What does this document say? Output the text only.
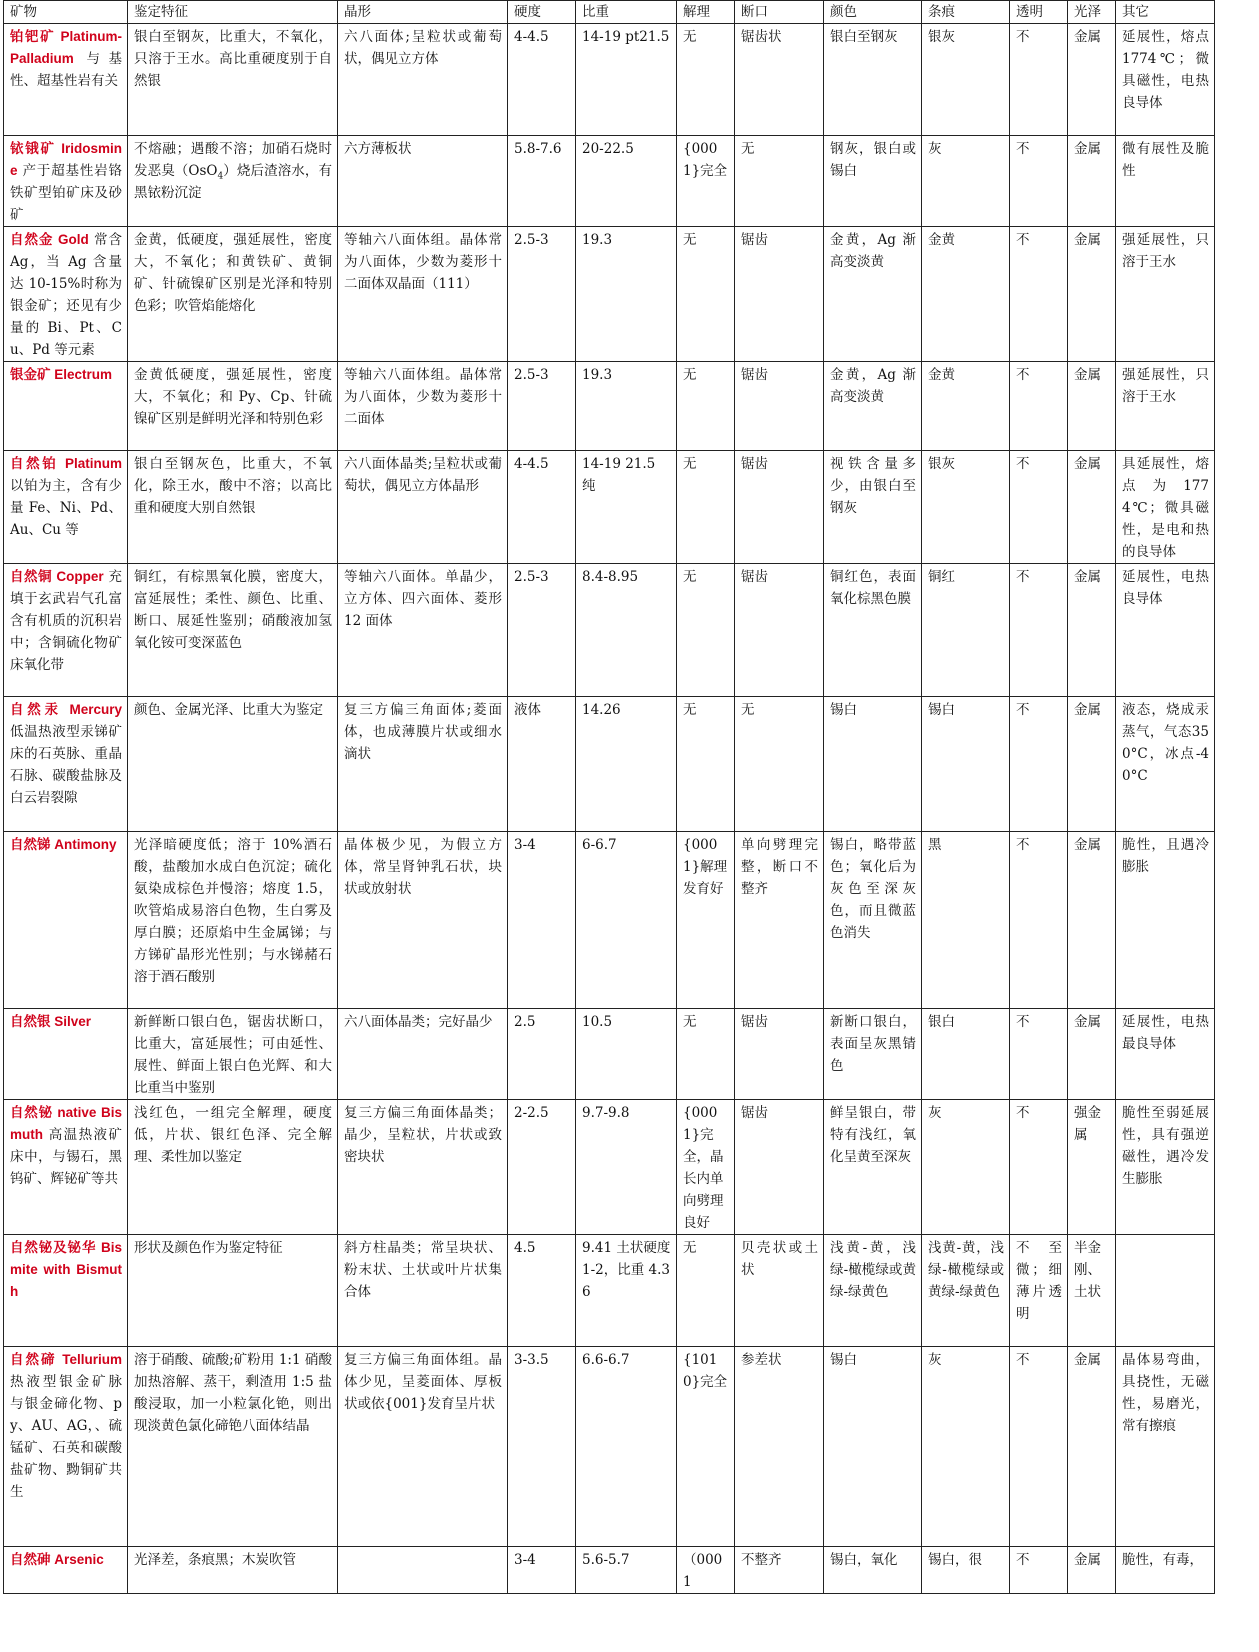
矿物	鉴定特征	晶形	硬度	比重	解理	断口	颜色	条痕	透明	光泽	其它
铂钯矿 Platinum-Palladium 与基性、超基性岩有关	银白至钢灰，比重大，不氧化，只溶于王水。高比重硬度别于自然银	六八面体;呈粒状或葡萄状，偶见立方体	4-4.5	14-19 pt21.5	无	锯齿状	银白至钢灰	银灰	不	金属	延展性，熔点1774℃；微具磁性，电热良导体
铱锇矿 Iridosmine 产于超基性岩铬铁矿型铂矿床及砂矿	不熔融；遇酸不溶；加硝石烧时发恶臭（OsO$_4$）烧后渣溶水，有黑铱粉沉淀	六方薄板状	5.8-7.6	20-22.5	{0001}完全	无	钢灰，银白或锡白	灰	不	金属	微有展性及脆性
自然金 Gold 常含 Ag，当 Ag 含量达 10-15%时称为银金矿；还见有少量的 Bi、Pt、Cu、Pd 等元素	金黄，低硬度，强延展性，密度大，不氧化；和黄铁矿、黄铜矿、针硫镍矿区别是光泽和特别色彩；吹管焰能熔化	等轴六八面体组。晶体常为八面体，少数为菱形十二面体双晶面（111）	2.5-3	19.3	无	锯齿	金黄，Ag 渐高变淡黄	金黄	不	金属	强延展性，只溶于王水
银金矿 Electrum	金黄低硬度，强延展性，密度大，不氧化；和 Py、Cp、针硫镍矿区别是鲜明光泽和特别色彩	等轴六八面体组。晶体常为八面体，少数为菱形十二面体	2.5-3	19.3	无	锯齿	金黄，Ag 渐高变淡黄	金黄	不	金属	强延展性，只溶于王水
自然铂 Platinum 以铂为主，含有少量 Fe、Ni、Pd、Au、Cu 等	银白至钢灰色，比重大，不氧化，除王水，酸中不溶；以高比重和硬度大别自然银	六八面体晶类;呈粒状或葡萄状，偶见立方体晶形	4-4.5	14-19 21.5 纯	无	锯齿	视铁含量多少，由银白至钢灰	银灰	不	金属	具延展性，熔点为1774℃；微具磁性，是电和热的良导体
自然铜 Copper 充填于玄武岩气孔富含有机质的沉积岩中；含铜硫化物矿床氧化带	铜红，有棕黑氧化膜，密度大，富延展性；柔性、颜色、比重、断口、展延性鉴别；硝酸液加氢氧化铵可变深蓝色	等轴六八面体。单晶少，立方体、四六面体、菱形 12 面体	2.5-3	8.4-8.95	无	锯齿	铜红色，表面氧化棕黑色膜	铜红	不	金属	延展性，电热良导体
自然汞 Mercury 低温热液型汞锑矿床的石英脉、重晶石脉、碳酸盐脉及白云岩裂隙	颜色、金属光泽、比重大为鉴定	复三方偏三角面体;菱面体，也成薄膜片状或细水滴状	液体	14.26	无	无	锡白	锡白	不	金属	液态，烧成汞蒸气，气态350°C，冰点-40°C
自然锑 Antimony	光泽暗硬度低；溶于 10%酒石酸，盐酸加水成白色沉淀；硫化氨染成棕色并慢溶；熔度 1.5，吹管焰成易溶白色物，生白雾及厚白膜；还原焰中生金属锑；与方锑矿晶形光性别；与水锑赭石溶于酒石酸别	晶体极少见，为假立方体，常呈肾钟乳石状，块状或放射状	3-4	6-6.7	{0001}解理发育好	单向劈理完整，断口不整齐	锡白，略带蓝色；氧化后为灰色至深灰色，而且微蓝色消失	黑	不	金属	脆性，且遇冷膨胀
自然银 Silver	新鲜断口银白色，锯齿状断口，比重大，富延展性；可由延性、展性、鲜面上银白色光辉、和大比重当中鉴别	六八面体晶类；完好晶少	2.5	10.5	无	锯齿	新断口银白，表面呈灰黑锖色	银白	不	金属	延展性，电热最良导体
自然铋 native Bismuth 高温热液矿床中，与锡石，黑钨矿、辉铋矿等共	浅红色，一组完全解理，硬度低，片状、银红色泽、完全解理、柔性加以鉴定	复三方偏三角面体晶类；晶少，呈粒状，片状或致密块状	2-2.5	9.7-9.8	{0001}完全，晶长内单向劈理良好	锯齿	鲜呈银白，带特有浅红，氧化呈黄至深灰	灰	不	强金属	脆性至弱延展性，具有强逆磁性，遇冷发生膨胀
自然铋及铋华 Bismite with Bismuth	形状及颜色作为鉴定特征	斜方柱晶类；常呈块状、粉末状、土状或叶片状集合体	4.5	9.41 土状硬度 1-2，比重 4.36	无	贝壳状或土状	浅黄-黄，浅绿-橄榄绿或黄绿-绿黄色	浅黄-黄，浅绿-橄榄绿或黄绿-绿黄色	不至微；细薄片透明	半金刚、土状	
自然碲 Tellurium 热液型银金矿脉 与银金碲化物、py、AU、AG，、硫锰矿、石英和碳酸盐矿物、黝铜矿共生	溶于硝酸、硫酸;矿粉用 1:1 硝酸加热溶解、蒸干，剩渣用 1:5 盐酸浸取，加一小粒氯化铯，则出现淡黄色氯化碲铯八面体结晶	复三方偏三角面体组。晶体少见，呈菱面体、厚板状或依{001}发育呈片状	3-3.5	6.6-6.7	{1010}完全	参差状	锡白	灰	不	金属	晶体易弯曲，具挠性，无磁性，易磨光，常有擦痕
自然砷 Arsenic	光泽差，条痕黑；木炭吹管		3-4	5.6-5.7	（0001	不整齐	锡白，氧化	锡白，很	不	金属	脆性，有毒，
